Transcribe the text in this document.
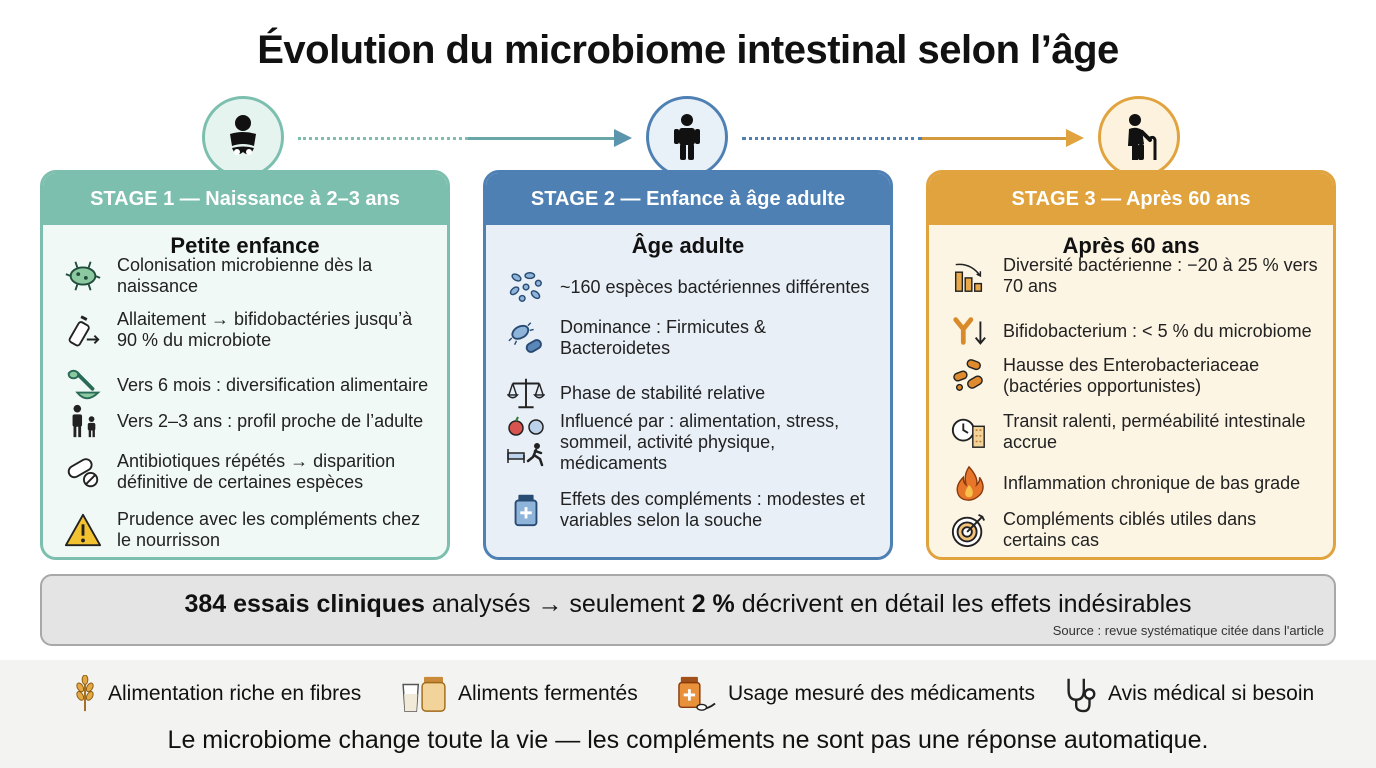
Évolution du microbiome intestinal selon l’âge
STAGE 1 — Naissance à 2–3 ans
Petite enfance
Colonisation microbienne dès la naissance
Allaitement → bifidobactéries jusqu’à 90 % du microbiote
Vers 6 mois : diversification alimentaire
Vers 2–3 ans : profil proche de l’adulte
Antibiotiques répétés → disparition définitive de certaines espèces
Prudence avec les compléments chez le nourrisson
STAGE 2 — Enfance à âge adulte
Âge adulte
~160 espèces bactériennes différentes
Dominance : Firmicutes & Bacteroidetes
Phase de stabilité relative
Influencé par : alimentation, stress, sommeil, activité physique, médicaments
Effets des compléments : modestes et variables selon la souche
STAGE 3 — Après 60 ans
Après 60 ans
Diversité bactérienne : −20 à 25 % vers 70 ans
Bifidobacterium : < 5 % du microbiome
Hausse des Enterobacteriaceae (bactéries opportunistes)
Transit ralenti, perméabilité intestinale accrue
Inflammation chronique de bas grade
Compléments ciblés utiles dans certains cas
384 essais cliniques analysés → seulement 2 % décrivent en détail les effets indésirables
Source : revue systématique citée dans l'article
Alimentation riche en fibres	Aliments fermentés	Usage mesuré des médicaments	Avis médical si besoin
Le microbiome change toute la vie — les compléments ne sont pas une réponse automatique.
